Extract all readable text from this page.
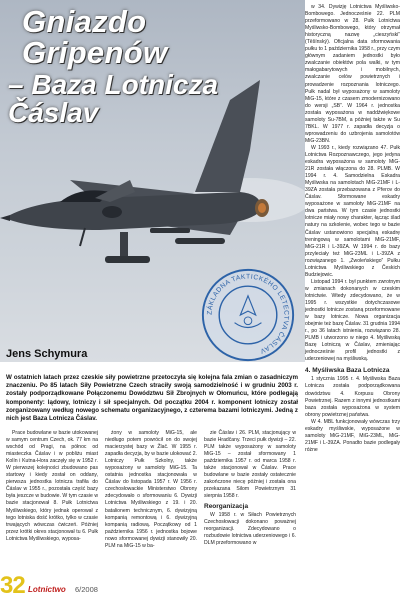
Gniazdo Gripenów
– Baza Lotnicza Čáslav
ZÁKLADNA TAKTICKÉHO LETECTVA ČÁSLAV
Jens Schymura

w 34. Dywizję Lotnictwa Myśliwsko-Bombowego. Jednocześnie 22. PLM przeformowano w 28. Pułk Lotnictwa Myśliwsko-Bombowego, który otrzymał historyczną nazwę „cieszyński” (Těšínský). Oficjalna data sformowania pułku to 1 października 1958 r., przy czym głównym zadaniem jednostki było zwalczanie obiektów pola walki, w tym małogabarytowych i mobilnych, zwalczanie celów powietrznych i prowadzenie rozpoznania lotniczego. Pułk nadal był wyposażony w samoloty MiG-15, które z czasem zmodernizowano do wersji „SB”. W 1964 r. jednostka została wyposażona w naddźwiękowe samoloty Su-7BM, a później także w Su 7BKL. W 1977 r. zapadła decyzja o wprowadzeniu do uzbrojenia samolotów MiG-23BN.

W 1993 r., kiedy rozwiązano 47. Pułk Lotnictwa Rozpoznawczego, jego jedyna eskadra wyposażona w samoloty MiG-21R została włączona do 28. PLMB. W 1994 r. 4. Samodzielna Eskadra Myśliwska na samolotach MiG-21MF i L-39ZA została przebazowana z Přerov do Čáslav. Sformowane eskadry wyposażone w samoloty MiG-21MF na dwa państwa. W tym czasie jednostki lotnicze miały nowy charakter, łącząc ślad natury na szkolenie, wobec tego w bazie Čáslav ustanowiono specjalną eskadrę treningową w samolotami MiG-21MF, MiG-21R i L-39ZA. W 1994 r. do bazy przyleciały też MiG-23ML i L-39ZA z rozwiązanego 1. „Zwoleńskiego” Pułku Lotnictwa Myśliwskiego z Českich Budziejowic.

Listopad 1994 r. był punktem zwrotnym w zmianach dokonanych w czeskim lotnictwie. Wtedy zdecydowano, że w 1995 r. wszystkie dotychczasowe jednostki lotnicze zostaną przeformowane w bazy lotnicze. Nowa organizacja obejmie też bazę Čáslav. 31 grudnia 1994 r., po 36 latach istnienia, rozwiązano 28. PLMB i utworzono w niego 4. Myśliwską Bazę Lotniczą w Čáslav, zmieniając jednocześnie profil jednostki z uderzeniowej na myśliwską.

4. Myśliwska Baza Lotnicza

1 stycznia 1995 r. 4. Myśliwska Baza Lotnicza została podporządkowana dowództwu 4. Korpusu Obrony Powietrznej. Razem z innymi jednostkami baza została wyposażona w system obrony powietrznej państwa.

W 4. MBL funkcjonowały wówczas trzy eskadry myśliwskie, wyposażone w samoloty MiG-21MF, MiG-23ML, MiG-21MF i L-39ZA. Ponadto bazie podlegały różne

W ostatnich latach przez czeskie siły powietrzne przetoczyła się kolejna fala zmian o zasadniczym znaczeniu. Po 85 latach Siły Powietrzne Czech straciły swoją samodzielność i w grudniu 2003 r. zostały podporządkowane Połączonemu Dowództwu Sił Zbrojnych w Ołomuńcu, które podlegają komponenty: lądowy, lotniczy i sił specjalnych. Od początku 2004 r. komponent lotniczy został zorganizowany według nowego schematu organizacyjnego, z czterema bazami lotniczymi. Jedną z nich jest Baza Lotnicza Čáslav.

Prace budowlane w bazie utokowanej w samym centrum Czech, ok. 77 km na wschód od Pragi, na północ od miasteczka Čáslav i w pobliżu miast Kolín i Kutna-Hora zaczęły się w 1952 r. W pierwszej kolejności zbudowano pas startowy i kiedy został on oddany, pierwsza jednostka lotnicza trafiła do Čáslav w 1955 r., pozostała część bazy była jeszcze w budowie. W tym czasie w bazie stacjonował 8. Pułk Lotnictwa Myśliwskiego, który jednak operował z tego lotniska dość krótko, tylko w czasie trwających wówczas ćwiczeń. Później przez krótki okres stacjonował tu 6. Pułk Lotnictwa Myśliwskiego, wyposa-

żony w samoloty MiG-15, ale niedługo potem powrócił on do swojej macierzystej bazy w Žlač. W 1955 r. zapadła decyzja, by w bazie ulokować 2. Lotniczy Pułk Szkolny, także wyposażony w samoloty MiG-15. Ta ostatnia jednostka stacjonowała w Čáslav do listopada 1957 r. W 1956 r. czechosłowackie Ministerstwo Obrony zdecydowało o sformowaniu 6. Dywizji Lotnictwa Myśliwskiego z 19. i 20. batalionem technicznym, 6. dywizyjną kompanią remontową i 6. dywizyjną kompanią radiową. Początkowy od 1 października 1956 r. jednostka bojowe nowo sformowanej dywizji stanowiły 20. PLM na MiG-15 w ba-

zie Čáslav i 26. PLM, stacjonujący w bazie Hradčany. Trzeci pułk dywizji – 22. PLM także wyposażony w samoloty MiG-15 – został sformowany 1 października 1957 r. od marca 1958 r. także stacjonował w Čáslav. Prace budowlane w bazie zostały ostatecznie zakończone niecę później i została ona przekazana Silom Powietrznym 31 sierpnia 1958 r.

Reorganizacja

W 1958 r. w Siłach Powietrznych Czechosłowacji dokonano poważnej reorganizacji. Zdecydowano o rozbudowie lotnictwa uderzeniowego i 6. DLM przeformowano w

32 Lotnictwo 6/2008
